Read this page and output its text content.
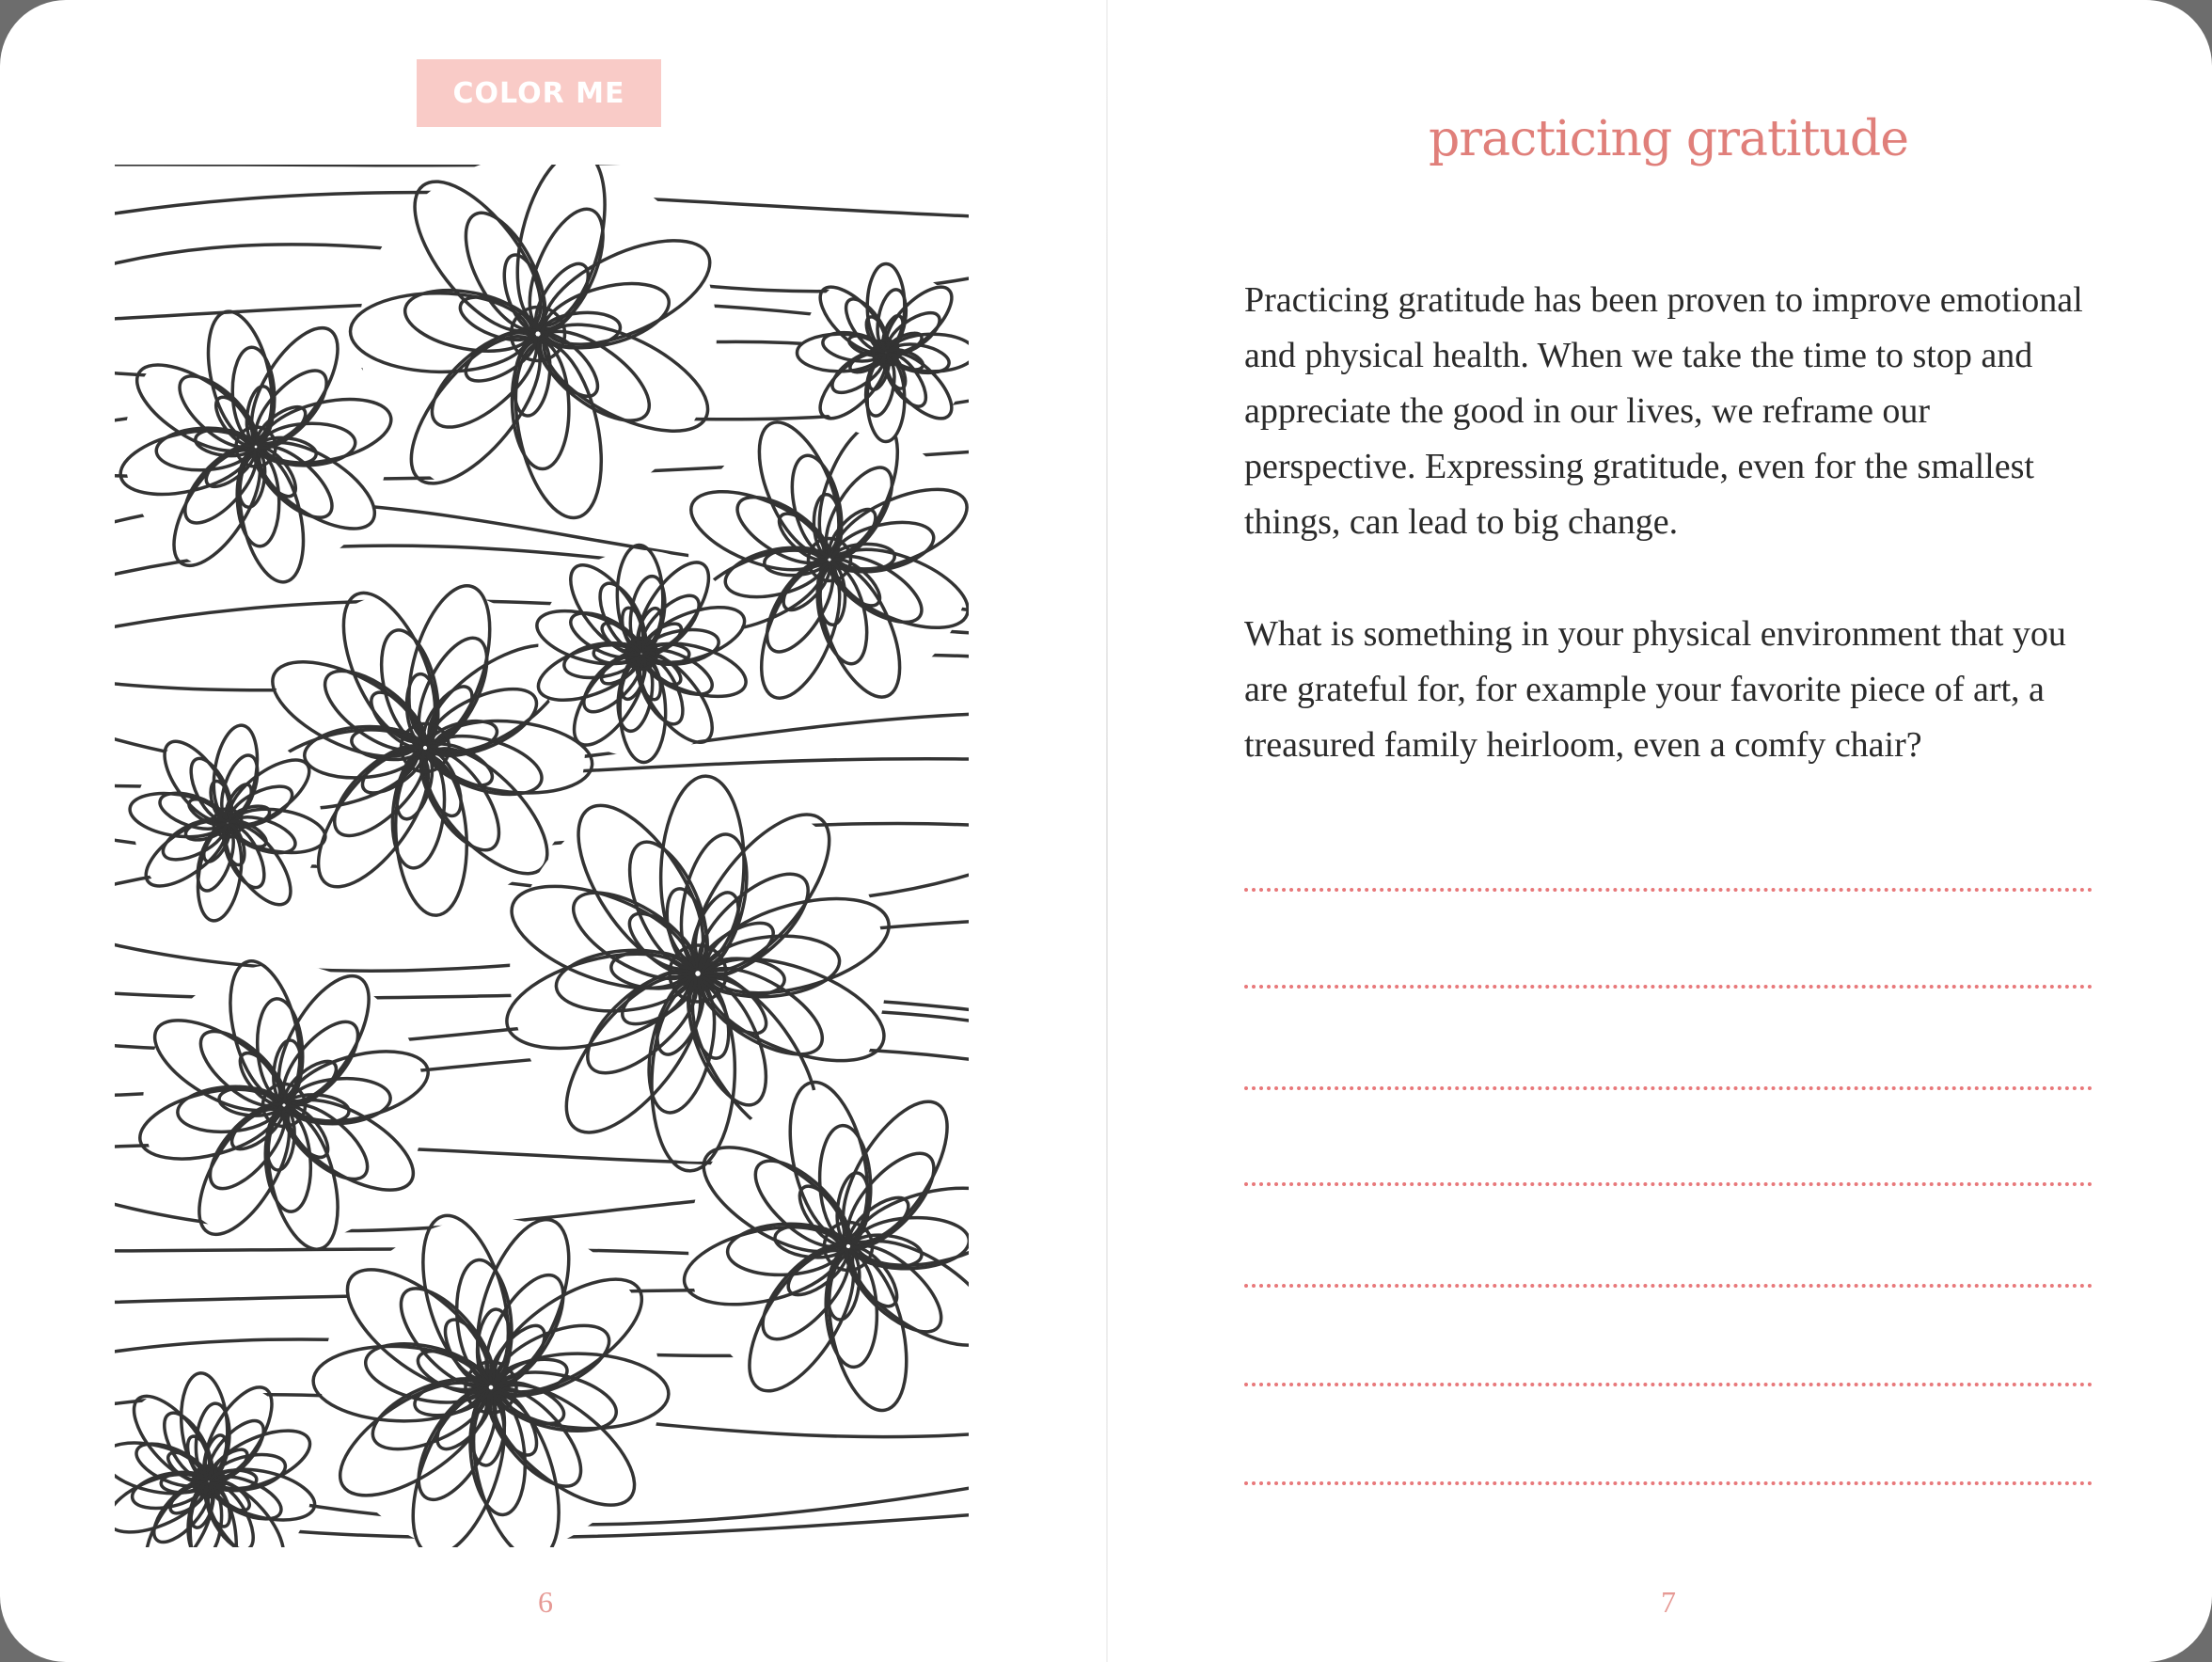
COLOR ME
6
practicing gratitude

Practicing gratitude has been proven to improve emotional and physical health. When we take the time to stop and appreciate the good in our lives, we reframe our perspective. Expressing gratitude, even for the smallest things, can lead to big change.

What is something in your physical environment that you are grateful for, for example your favorite piece of art, a treasured family heirloom, even a comfy chair?

7
